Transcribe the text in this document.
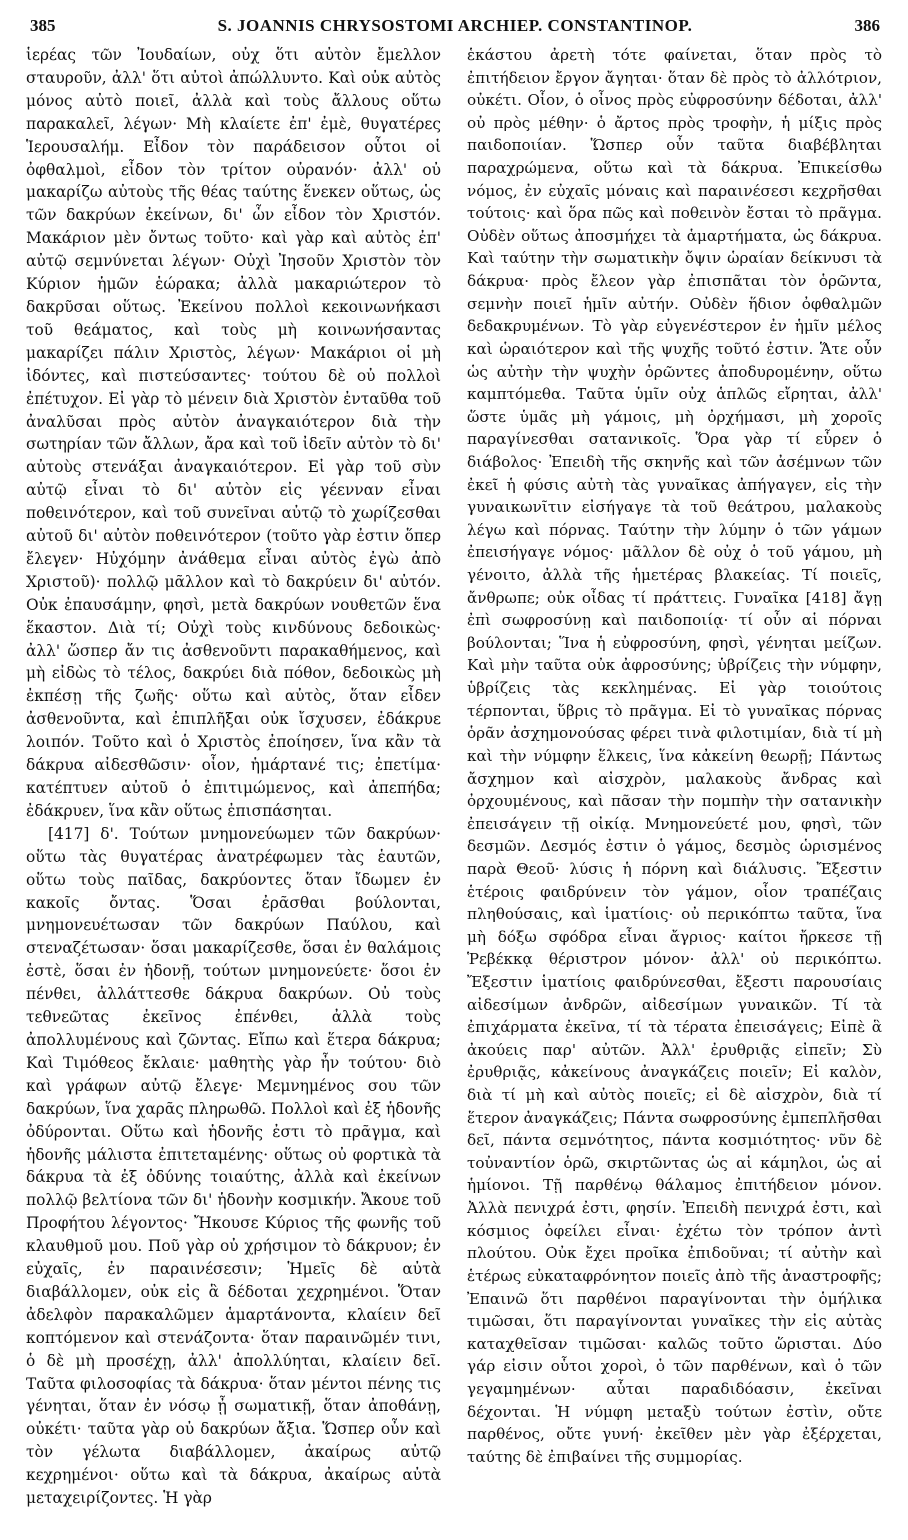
385	S. JOANNIS CHRYSOSTOMI ARCHIEP. CONSTANTINOP.	386

ἱερέας τῶν Ἰουδαίων, οὐχ ὅτι αὐτὸν ἔμελλον σταυροῦν, ἀλλ' ὅτι αὐτοὶ ἀπώλλυντο. Καὶ οὐκ αὐτὸς μόνος αὐτὸ ποιεῖ, ἀλλὰ καὶ τοὺς ἄλλους οὕτω παρακαλεῖ, λέγων· Μὴ κλαίετε ἐπ' ἐμὲ, θυγατέρες Ἱερουσαλήμ. Εἶδον τὸν παράδεισον οὗτοι οἱ ὀφθαλμοὶ, εἶδον τὸν τρίτον οὐρανόν· ἀλλ' οὐ μακαρίζω αὐτοὺς τῆς θέας ταύτης ἕνεκεν οὕτως, ὡς τῶν δακρύων ἐκείνων, δι' ὧν εἶδον τὸν Χριστόν. Μακάριον μὲν ὄντως τοῦτο· καὶ γὰρ καὶ αὐτὸς ἐπ' αὐτῷ σεμνύνεται λέγων· Οὐχὶ Ἰησοῦν Χριστὸν τὸν Κύριον ἡμῶν ἑώρακα; ἀλλὰ μακαριώτερον τὸ δακρῦσαι οὕτως. Ἐκείνου πολλοὶ κεκοινωνήκασι τοῦ θεάματος, καὶ τοὺς μὴ κοινωνήσαντας μακαρίζει πάλιν Χριστὸς, λέγων· Μακάριοι οἱ μὴ ἰδόντες, καὶ πιστεύσαντες· τούτου δὲ οὐ πολλοὶ ἐπέτυχον. Εἰ γὰρ τὸ μένειν διὰ Χριστὸν ἐνταῦθα τοῦ ἀναλῦσαι πρὸς αὐτὸν ἀναγκαιότερον διὰ τὴν σωτηρίαν τῶν ἄλλων, ἄρα καὶ τοῦ ἰδεῖν αὐτὸν τὸ δι' αὐτοὺς στενάξαι ἀναγκαιότερον. Εἰ γὰρ τοῦ σὺν αὐτῷ εἶναι τὸ δι' αὐτὸν εἰς γέενναν εἶναι ποθεινότερον, καὶ τοῦ συνεῖναι αὐτῷ τὸ χωρίζεσθαι αὐτοῦ δι' αὐτὸν ποθεινότερον (τοῦτο γὰρ ἐστιν ὅπερ ἔλεγεν· Ηὐχόμην ἀνάθεμα εἶναι αὐτὸς ἐγὼ ἀπὸ Χριστοῦ)· πολλῷ μᾶλλον καὶ τὸ δακρύειν δι' αὐτόν. Οὐκ ἐπαυσάμην, φησὶ, μετὰ δακρύων νουθετῶν ἕνα ἕκαστον. Διὰ τί; Οὐχὶ τοὺς κινδύνους δεδοικὼς· ἀλλ' ὥσπερ ἄν τις ἀσθενοῦντι παρακαθήμενος, καὶ μὴ εἰδὼς τὸ τέλος, δακρύει διὰ πόθον, δεδοικὼς μὴ ἐκπέσῃ τῆς ζωῆς· οὕτω καὶ αὐτὸς, ὅταν εἶδεν ἀσθενοῦντα, καὶ ἐπιπλῆξαι οὐκ ἴσχυσεν, ἐδάκρυε λοιπόν. Τοῦτο καὶ ὁ Χριστὸς ἐποίησεν, ἵνα κἂν τὰ δάκρυα αἰδεσθῶσιν· οἷον, ἡμάρτανέ τις; ἐπετίμα· κατέπτυεν αὐτοῦ ὁ ἐπιτιμώμενος, καὶ ἀπεπήδα; ἐδάκρυεν, ἵνα κἂν οὕτως ἐπισπάσηται.

[417] δ'. Τούτων μνημονεύωμεν τῶν δακρύων· οὕτω τὰς θυγατέρας ἀνατρέφωμεν τὰς ἑαυτῶν, οὕτω τοὺς παῖδας, δακρύοντες ὅταν ἴδωμεν ἐν κακοῖς ὄντας. Ὅσαι ἐρᾶσθαι βούλονται, μνημονευέτωσαν τῶν δακρύων Παύλου, καὶ στεναζέτωσαν· ὅσαι μακαρίζεσθε, ὅσαι ἐν θαλάμοις ἐστὲ, ὅσαι ἐν ἡδονῇ, τούτων μνημονεύετε· ὅσοι ἐν πένθει, ἀλλάττεσθε δάκρυα δακρύων. Οὐ τοὺς τεθνεῶτας ἐκεῖνος ἐπένθει, ἀλλὰ τοὺς ἀπολλυμένους καὶ ζῶντας. Εἴπω καὶ ἕτερα δάκρυα; Καὶ Τιμόθεος ἔκλαιε· μαθητὴς γὰρ ἦν τούτου· διὸ καὶ γράφων αὐτῷ ἔλεγε· Μεμνημένος σου τῶν δακρύων, ἵνα χαρᾶς πληρωθῶ. Πολλοὶ καὶ ἐξ ἡδονῆς ὀδύρονται. Οὕτω καὶ ἡδονῆς ἐστι τὸ πρᾶγμα, καὶ ἡδονῆς μάλιστα ἐπιτεταμένης· οὕτως οὐ φορτικὰ τὰ δάκρυα τὰ ἐξ ὀδύνης τοιαύτης, ἀλλὰ καὶ ἐκείνων πολλῷ βελτίονα τῶν δι' ἡδονὴν κοσμικήν. Ἄκουε τοῦ Προφήτου λέγοντος· Ἤκουσε Κύριος τῆς φωνῆς τοῦ κλαυθμοῦ μου. Ποῦ γὰρ οὐ χρήσιμον τὸ δάκρυον; ἐν εὐχαῖς, ἐν παραινέσεσιν; Ἡμεῖς δὲ αὐτὰ διαβάλλομεν, οὐκ εἰς ἃ δέδοται χεχρημένοι. Ὅταν ἀδελφὸν παρακαλῶμεν ἁμαρτάνοντα, κλαίειν δεῖ κοπτόμενον καὶ στενάζοντα· ὅταν παραινῶμέν τινι, ὁ δὲ μὴ προσέχῃ, ἀλλ' ἀπολλύηται, κλαίειν δεῖ. Ταῦτα φιλοσοφίας τὰ δάκρυα· ὅταν μέντοι πένης τις γένηται, ὅταν ἐν νόσῳ ᾖ σωματικῇ, ὅταν ἀποθάνῃ, οὐκέτι· ταῦτα γὰρ οὐ δακρύων ἄξια. Ὥσπερ οὖν καὶ τὸν γέλωτα διαβάλλομεν, ἀκαίρως αὐτῷ κεχρημένοι· οὕτω καὶ τὰ δάκρυα, ἀκαίρως αὐτὰ μεταχειρίζοντες. Ἡ γὰρ

ἑκάστου ἀρετὴ τότε φαίνεται, ὅταν πρὸς τὸ ἐπιτήδειον ἔργον ἄγηται· ὅταν δὲ πρὸς τὸ ἀλλότριον, οὐκέτι. Οἷον, ὁ οἶνος πρὸς εὐφροσύνην δέδοται, ἀλλ' οὐ πρὸς μέθην· ὁ ἄρτος πρὸς τροφὴν, ἡ μίξις πρὸς παιδοποιίαν. Ὥσπερ οὖν ταῦτα διαβέβληται παραχρώμενα, οὕτω καὶ τὰ δάκρυα. Ἐπικείσθω νόμος, ἐν εὐχαῖς μόναις καὶ παραινέσεσι κεχρῆσθαι τούτοις· καὶ ὅρα πῶς καὶ ποθεινὸν ἔσται τὸ πρᾶγμα. Οὐδὲν οὕτως ἀποσμήχει τὰ ἁμαρτήματα, ὡς δάκρυα. Καὶ ταύτην τὴν σωματικὴν ὄψιν ὡραίαν δείκνυσι τὰ δάκρυα· πρὸς ἔλεον γὰρ ἐπισπᾶται τὸν ὁρῶντα, σεμνὴν ποιεῖ ἡμῖν αὐτήν. Οὐδὲν ἥδιον ὀφθαλμῶν δεδακρυμένων. Τὸ γὰρ εὐγενέστερον ἐν ἡμῖν μέλος καὶ ὡραιότερον καὶ τῆς ψυχῆς τοῦτό ἐστιν. Ἅτε οὖν ὡς αὐτὴν τὴν ψυχὴν ὁρῶντες ἀποδυρομένην, οὕτω καμπτόμεθα. Ταῦτα ὑμῖν οὐχ ἁπλῶς εἴρηται, ἀλλ' ὥστε ὑμᾶς μὴ γάμοις, μὴ ὀρχήμασι, μὴ χοροῖς παραγίνεσθαι σατανικοῖς. Ὅρα γὰρ τί εὗρεν ὁ διάβολος· Ἐπειδὴ τῆς σκηνῆς καὶ τῶν ἀσέμνων τῶν ἐκεῖ ἡ φύσις αὐτὴ τὰς γυναῖκας ἀπήγαγεν, εἰς τὴν γυναικωνῖτιν εἰσήγαγε τὰ τοῦ θεάτρου, μαλακοὺς λέγω καὶ πόρνας. Ταύτην τὴν λύμην ὁ τῶν γάμων ἐπεισήγαγε νόμος· μᾶλλον δὲ οὐχ ὁ τοῦ γάμου, μὴ γένοιτο, ἀλλὰ τῆς ἡμετέρας βλακείας. Τί ποιεῖς, ἄνθρωπε; οὐκ οἶδας τί πράττεις. Γυναῖκα [418] ἄγῃ ἐπὶ σωφροσύνῃ καὶ παιδοποιίᾳ· τί οὖν αἱ πόρναι βούλονται; Ἵνα ἡ εὐφροσύνη, φησὶ, γένηται μείζων. Καὶ μὴν ταῦτα οὐκ ἀφροσύνης; ὑβρίζεις τὴν νύμφην, ὑβρίζεις τὰς κεκλημένας. Εἰ γὰρ τοιούτοις τέρπονται, ὕβρις τὸ πρᾶγμα. Εἰ τὸ γυναῖκας πόρνας ὁρᾶν ἀσχημονούσας φέρει τινὰ φιλοτιμίαν, διὰ τί μὴ καὶ τὴν νύμφην ἕλκεις, ἵνα κἀκείνη θεωρῇ; Πάντως ἄσχημον καὶ αἰσχρὸν, μαλακοὺς ἄνδρας καὶ ὀρχουμένους, καὶ πᾶσαν τὴν πομπὴν τὴν σατανικὴν ἐπεισάγειν τῇ οἰκίᾳ. Μνημονεύετέ μου, φησὶ, τῶν δεσμῶν. Δεσμός ἐστιν ὁ γάμος, δεσμὸς ὡρισμένος παρὰ Θεοῦ· λύσις ἡ πόρνη καὶ διάλυσις. Ἔξεστιν ἑτέροις φαιδρύνειν τὸν γάμον, οἷον τραπέζαις πληθούσαις, καὶ ἱματίοις· οὐ περικόπτω ταῦτα, ἵνα μὴ δόξω σφόδρα εἶναι ἄγριος· καίτοι ἤρκεσε τῇ Ῥεβέκκᾳ θέριστρον μόνον· ἀλλ' οὐ περικόπτω. Ἔξεστιν ἱματίοις φαιδρύνεσθαι, ἔξεστι παρουσίαις αἰδεσίμων ἀνδρῶν, αἰδεσίμων γυναικῶν. Τί τὰ ἐπιχάρματα ἐκεῖνα, τί τὰ τέρατα ἐπεισάγεις; Εἰπὲ ἃ ἀκούεις παρ' αὐτῶν. Ἀλλ' ἐρυθριᾷς εἰπεῖν; Σὺ ἐρυθριᾷς, κἀκείνους ἀναγκάζεις ποιεῖν; Εἰ καλὸν, διὰ τί μὴ καὶ αὐτὸς ποιεῖς; εἰ δὲ αἰσχρὸν, διὰ τί ἕτερον ἀναγκάζεις; Πάντα σωφροσύνης ἐμπεπλῆσθαι δεῖ, πάντα σεμνότητος, πάντα κοσμιότητος· νῦν δὲ τοὐναντίον ὁρῶ, σκιρτῶντας ὡς αἱ κάμηλοι, ὡς αἱ ἡμίονοι. Τῇ παρθένῳ θάλαμος ἐπιτήδειον μόνον. Ἀλλὰ πενιχρά ἐστι, φησίν. Ἐπειδὴ πενιχρά ἐστι, καὶ κόσμιος ὀφείλει εἶναι· ἐχέτω τὸν τρόπον ἀντὶ πλούτου. Οὐκ ἔχει προῖκα ἐπιδοῦναι; τί αὐτὴν καὶ ἑτέρως εὐκαταφρόνητον ποιεῖς ἀπὸ τῆς ἀναστροφῆς; Ἐπαινῶ ὅτι παρθένοι παραγίνονται τὴν ὁμήλικα τιμῶσαι, ὅτι παραγίνονται γυναῖκες τὴν εἰς αὐτὰς καταχθεῖσαν τιμῶσαι· καλῶς τοῦτο ὥρισται. Δύο γάρ εἰσιν οὗτοι χοροὶ, ὁ τῶν παρθένων, καὶ ὁ τῶν γεγαμημένων· αὗται παραδιδόασιν, ἐκεῖναι δέχονται. Ἡ νύμφη μεταξὺ τούτων ἐστὶν, οὔτε παρθένος, οὔτε γυνή· ἐκεῖθεν μὲν γὰρ ἐξέρχεται, ταύτης δὲ ἐπιβαίνει τῆς συμμορίας.
